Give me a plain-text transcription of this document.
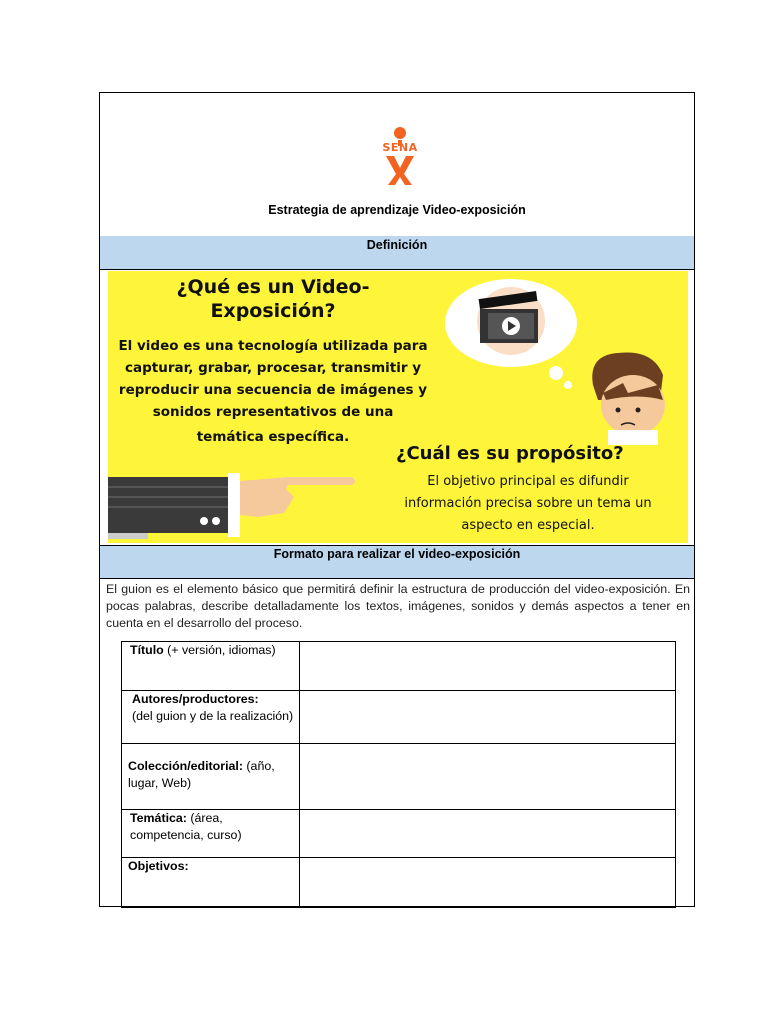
SENA
Estrategia de aprendizaje Video-exposición
Definición
¿Qué es un Video-
Exposición?
El video es una tecnología utilizada para
capturar, grabar, procesar, transmitir y
reproducir una secuencia de imágenes y
sonidos representativos de una
temática específica.
¿Cuál es su propósito?
El objetivo principal es difundir
información precisa sobre un tema un
aspecto en especial.
Formato para realizar el video-exposición
El guion es el elemento básico que permitirá definir la estructura de producción del video-exposición. En pocas palabras, describe detalladamente los textos, imágenes, sonidos y demás aspectos a tener en cuenta en el desarrollo del proceso.
Título (+ versión, idiomas)	

Autores/productores:
(del guion y de la realización)	

Colección/editorial: (año, lugar, Web)	
Temática: (área, competencia, curso)	
Objetivos:	
